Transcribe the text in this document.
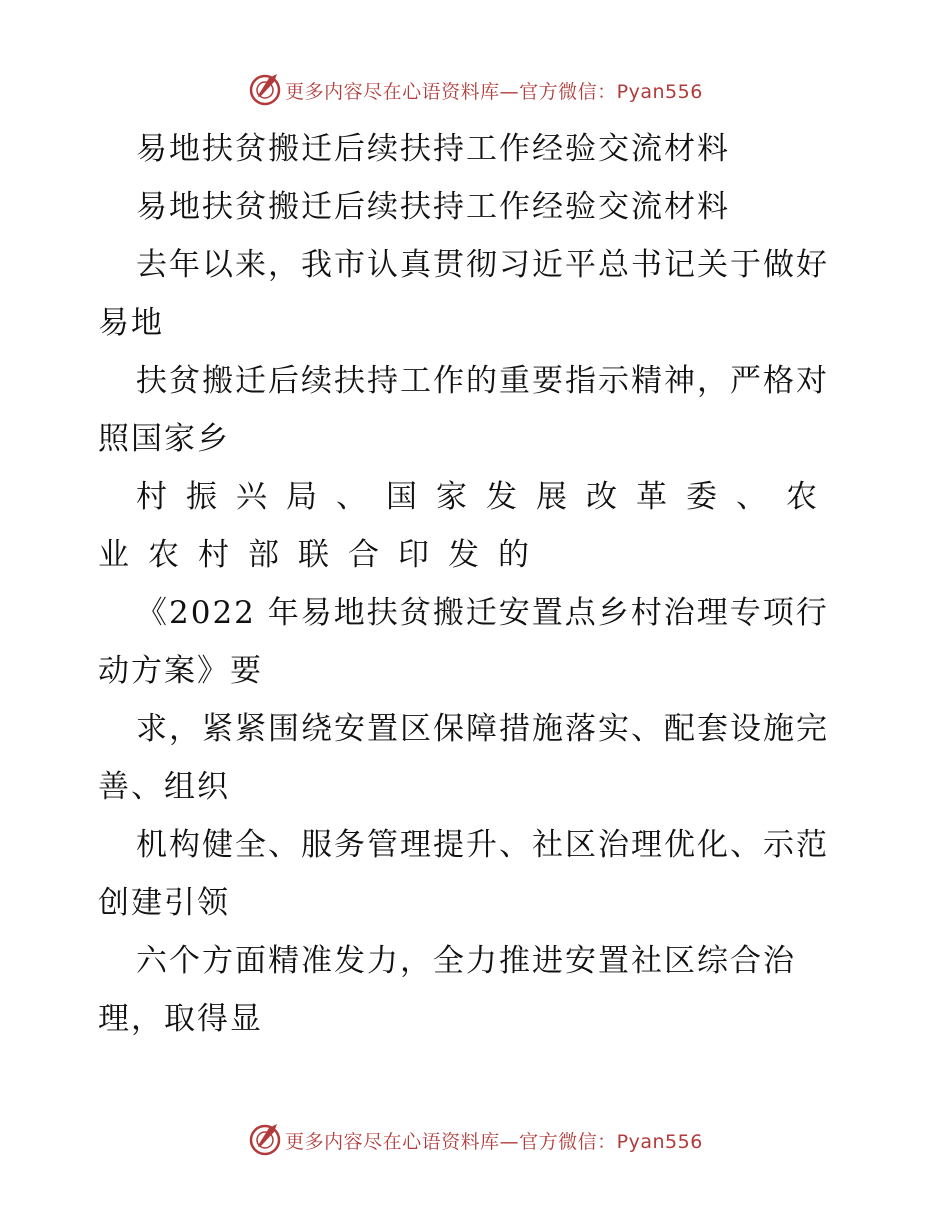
更多内容尽在心语资料库—官方微信：Pyan556

易地扶贫搬迁后续扶持工作经验交流材料

易地扶贫搬迁后续扶持工作经验交流材料

去年以来，我市认真贯彻习近平总书记关于做好

易地

扶贫搬迁后续扶持工作的重要指示精神，严格对

照国家乡

村振兴局、国家发展改革委、农

业农村部联合印发的

《2022 年易地扶贫搬迁安置点乡村治理专项行

动方案》要

求，紧紧围绕安置区保障措施落实、配套设施完

善、组织

机构健全、服务管理提升、社区治理优化、示范

创建引领

六个方面精准发力，全力推进安置社区综合治

理，取得显

更多内容尽在心语资料库—官方微信：Pyan556
